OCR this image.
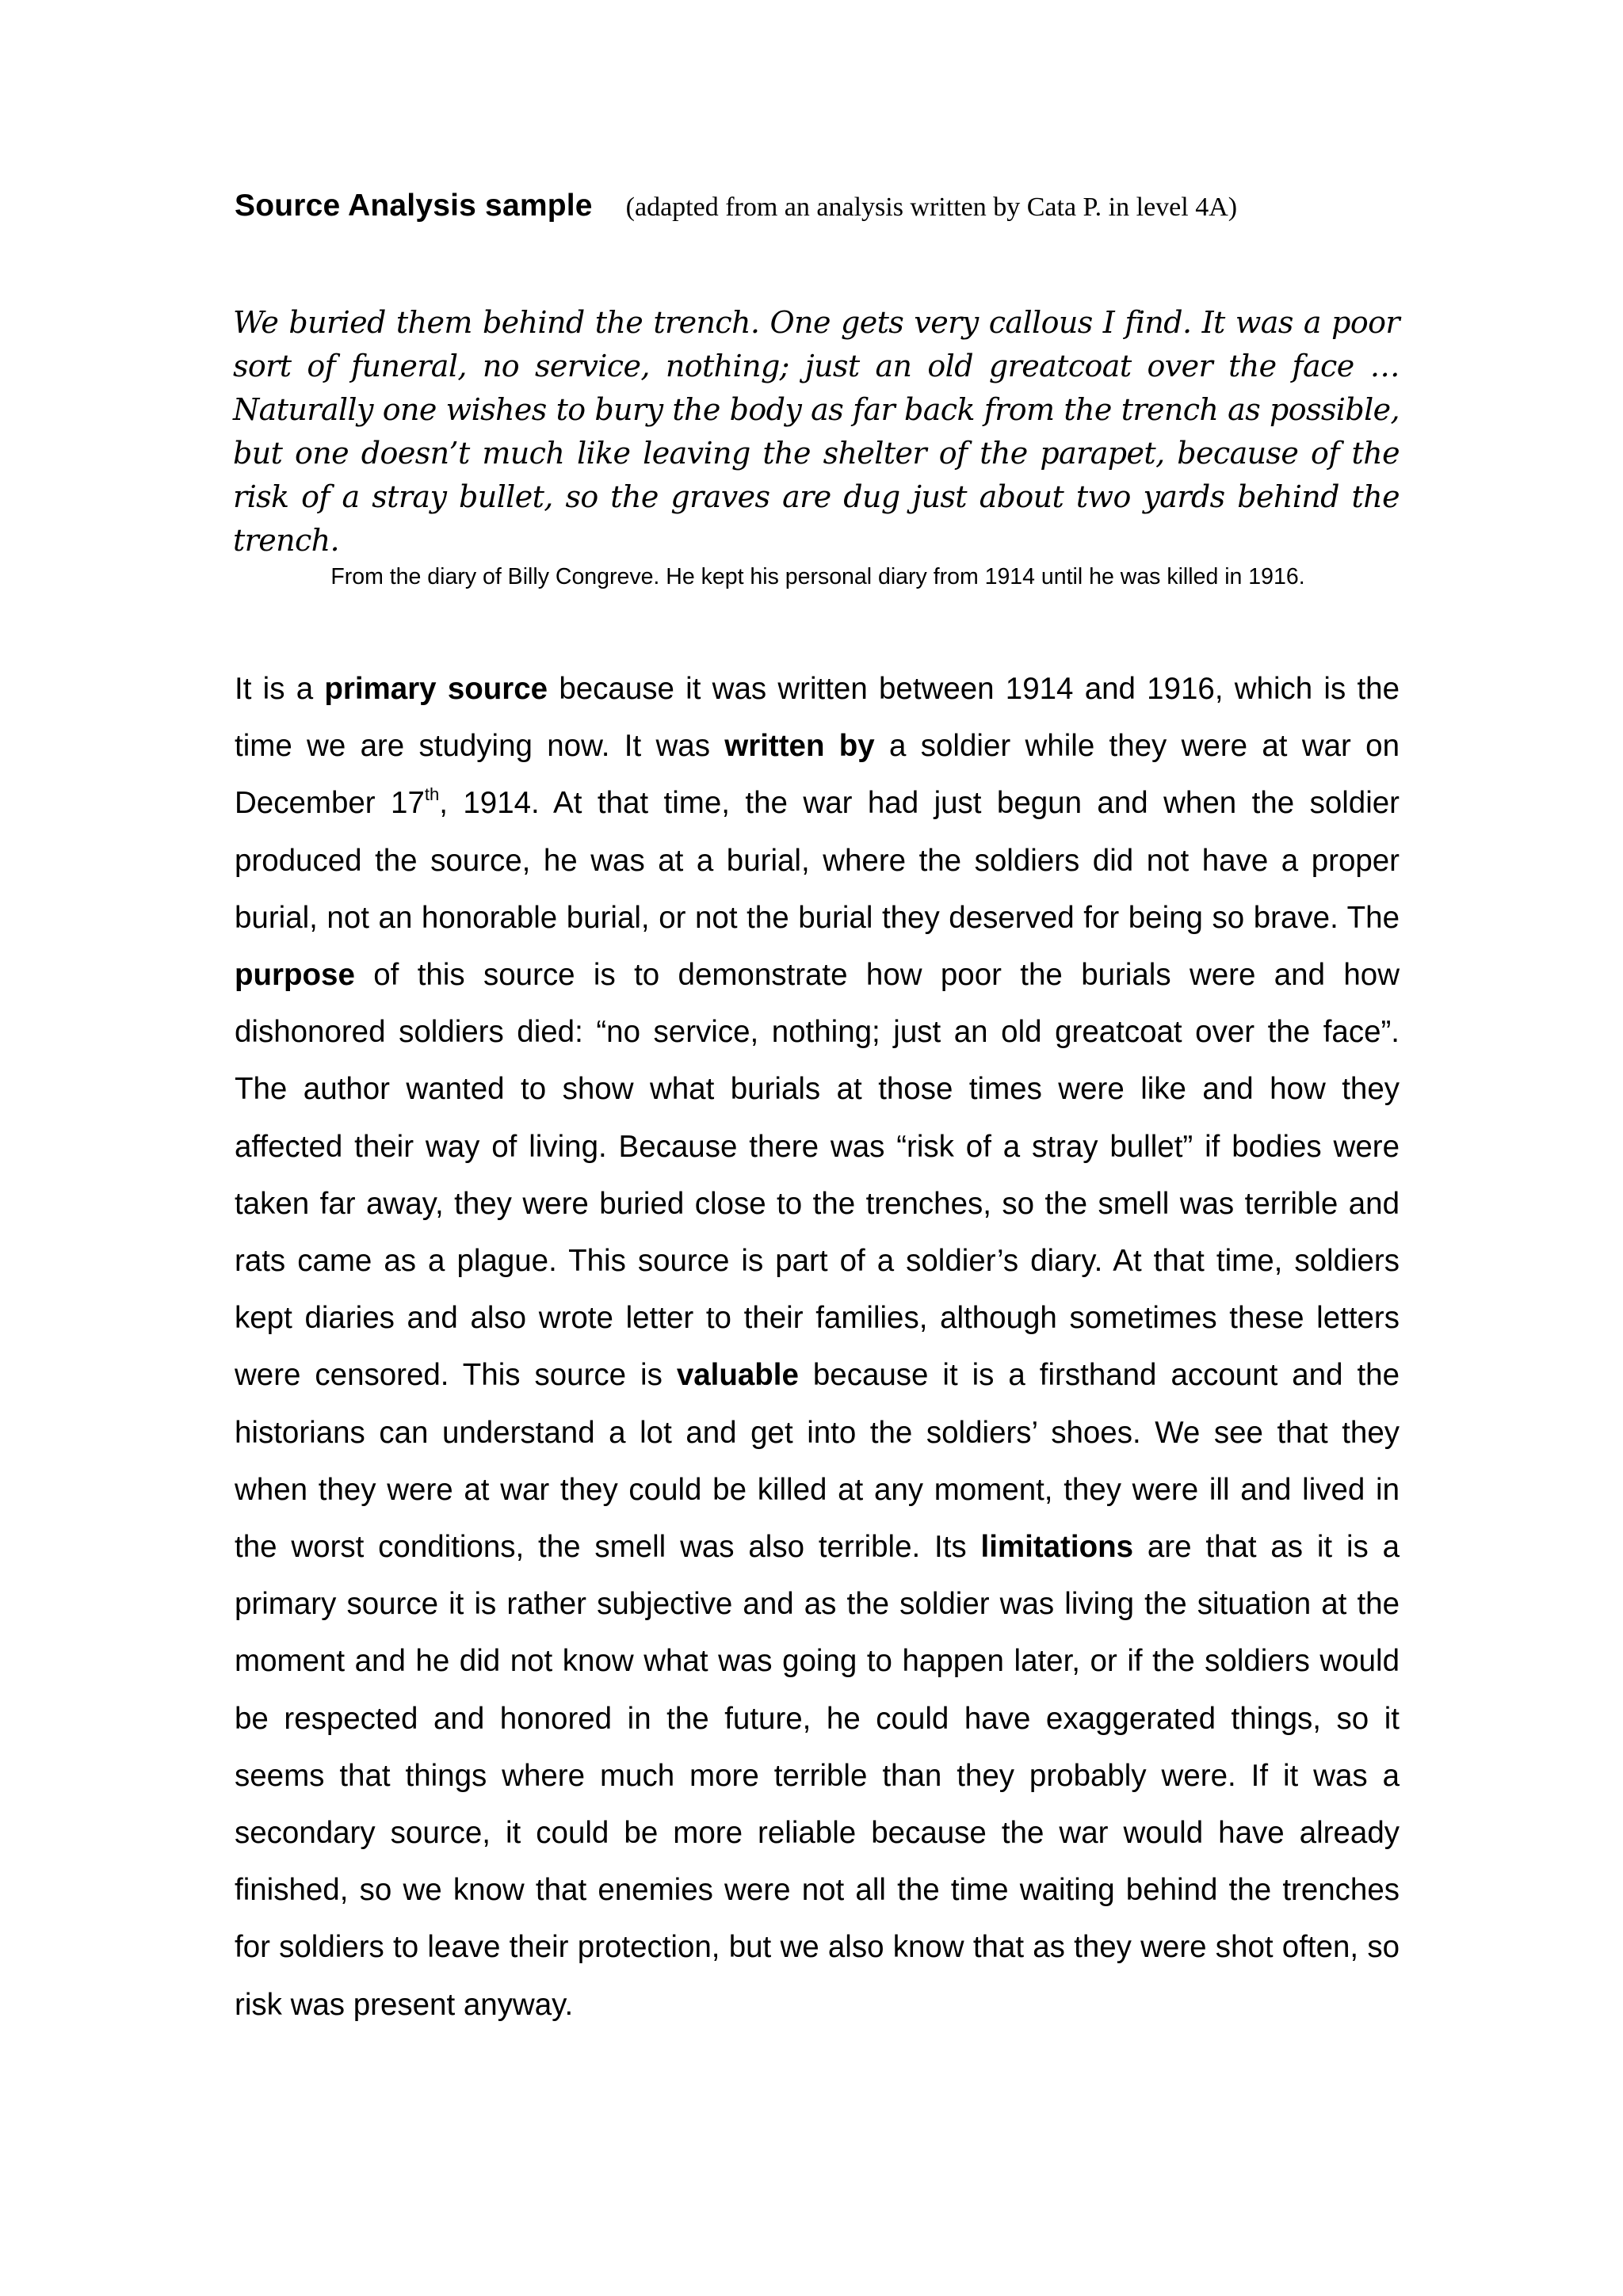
Source Analysis sample (adapted from an analysis written by Cata P. in level 4A)
We buried them behind the trench. One gets very callous I find. It was a poor sort of funeral, no service, nothing; just an old greatcoat over the face … Naturally one wishes to bury the body as far back from the trench as possible, but one doesn’t much like leaving the shelter of the parapet, because of the risk of a stray bullet, so the graves are dug just about two yards behind the trench.
From the diary of Billy Congreve. He kept his personal diary from 1914 until he was killed in 1916.
It is a primary source because it was written between 1914 and 1916, which is the time we are studying now. It was written by a soldier while they were at war on December 17th, 1914. At that time, the war had just begun and when the soldier produced the source, he was at a burial, where the soldiers did not have a proper burial, not an honorable burial, or not the burial they deserved for being so brave. The purpose of this source is to demonstrate how poor the burials were and how dishonored soldiers died: “no service, nothing; just an old greatcoat over the face”. The author wanted to show what burials at those times were like and how they affected their way of living. Because there was “risk of a stray bullet” if bodies were taken far away, they were buried close to the trenches, so the smell was terrible and rats came as a plague. This source is part of a soldier’s diary. At that time, soldiers kept diaries and also wrote letter to their families, although sometimes these letters were censored. This source is valuable because it is a firsthand account and the historians can understand a lot and get into the soldiers’ shoes. We see that they when they were at war they could be killed at any moment, they were ill and lived in the worst conditions, the smell was also terrible. Its limitations are that as it is a primary source it is rather subjective and as the soldier was living the situation at the moment and he did not know what was going to happen later, or if the soldiers would be respected and honored in the future, he could have exaggerated things, so it seems that things where much more terrible than they probably were. If it was a secondary source, it could be more reliable because the war would have already finished, so we know that enemies were not all the time waiting behind the trenches for soldiers to leave their protection, but we also know that as they were shot often, so risk was present anyway.
